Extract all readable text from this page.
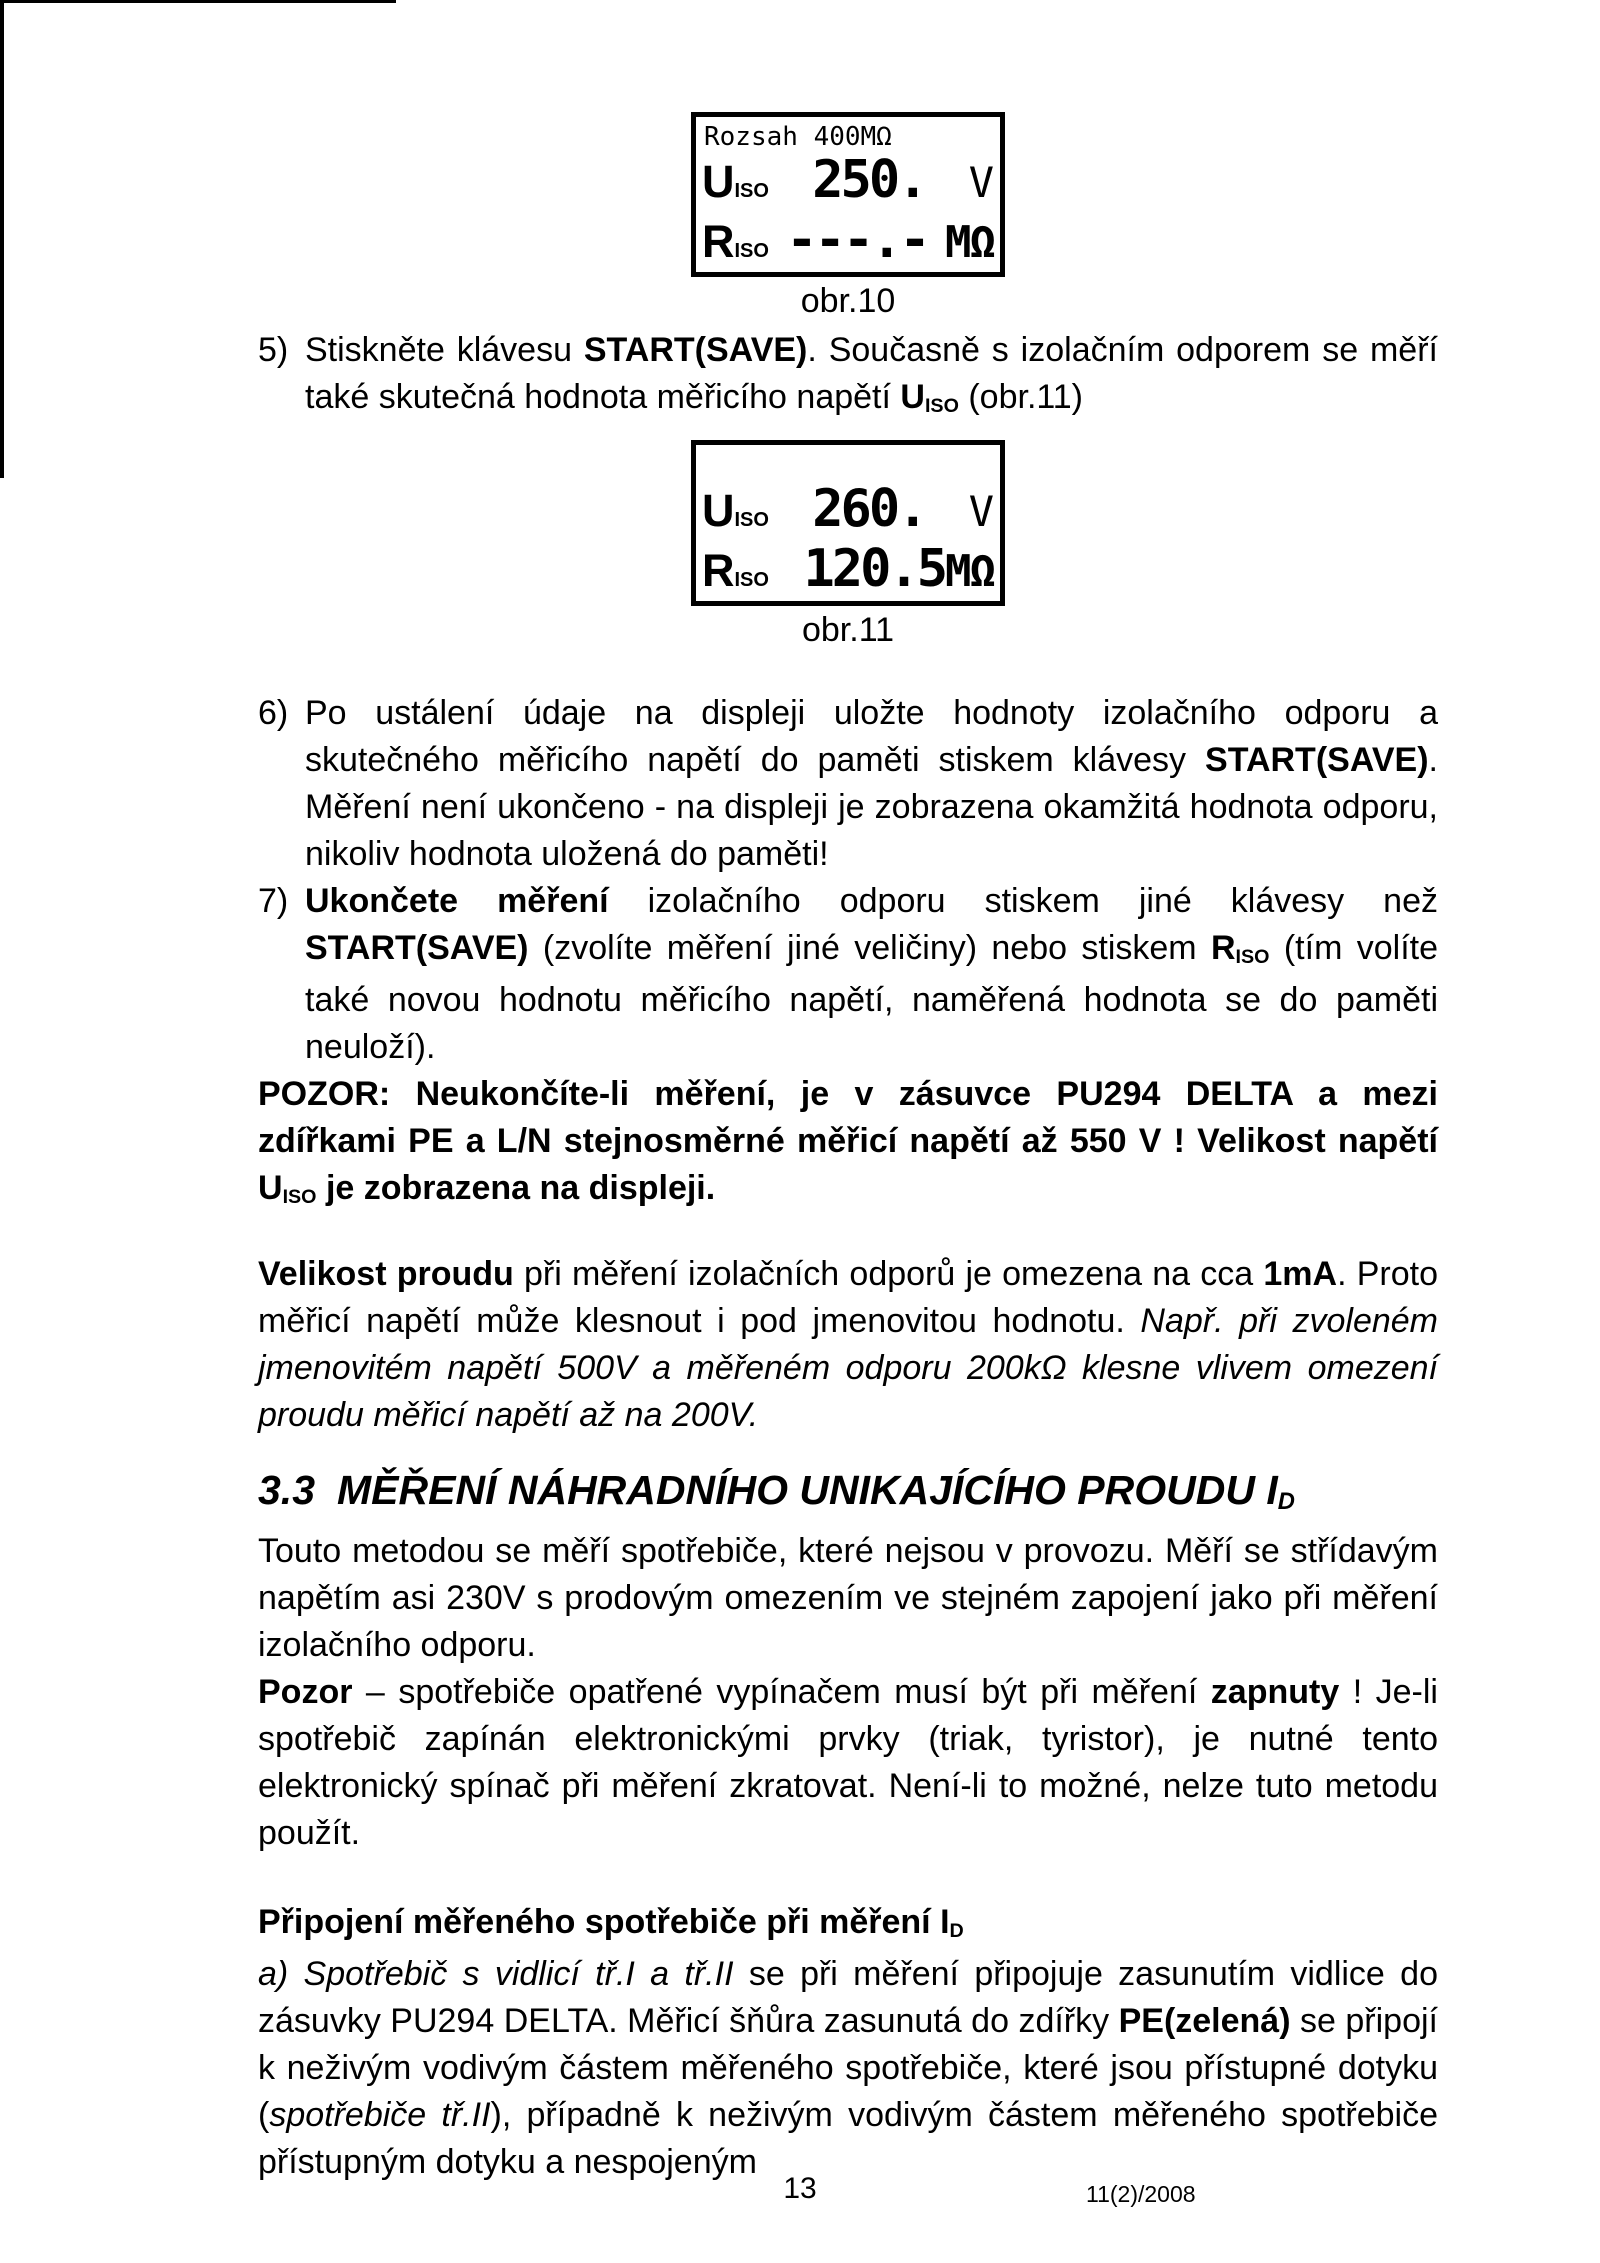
Rozsah 400MΩ
UISO 250. V
RISO ---.- MΩ
obr.10
5) Stiskněte klávesu START(SAVE). Současně s izolačním odporem se měří také skutečná hodnota měřicího napětí UISO (obr.11)

UISO 260. V
RISO 120.5 MΩ
obr.11
6) Po ustálení údaje na displeji uložte hodnoty izolačního odporu a skutečného měřicího napětí do paměti stiskem klávesy START(SAVE). Měření není ukončeno - na displeji je zobrazena okamžitá hodnota odporu, nikoliv hodnota uložená do paměti!

7) Ukončete měření izolačního odporu stiskem jiné klávesy než START(SAVE) (zvolíte měření jiné veličiny) nebo stiskem RISO (tím volíte také novou hodnotu měřicího napětí, naměřená hodnota se do paměti neuloží).

POZOR: Neukončíte-li měření, je v zásuvce PU294 DELTA a mezi zdířkami PE a L/N stejnosměrné měřicí napětí až 550 V ! Velikost napětí UISO je zobrazena na displeji.

Velikost proudu při měření izolačních odporů je omezena na cca 1mA. Proto měřicí napětí může klesnout i pod jmenovitou hodnotu. Např. při zvoleném jmenovitém napětí 500V a měřeném odporu 200kΩ klesne vlivem omezení proudu měřicí napětí až na 200V.

3.3 MĚŘENÍ NÁHRADNÍHO UNIKAJÍCÍHO PROUDU ID

Touto metodou se měří spotřebiče, které nejsou v provozu. Měří se střídavým napětím asi 230V s prodovým omezením ve stejném zapojení jako při měření izolačního odporu.

Pozor – spotřebiče opatřené vypínačem musí být při měření zapnuty ! Je-li spotřebič zapínán elektronickými prvky (triak, tyristor), je nutné tento elektronický spínač při měření zkratovat. Není-li to možné, nelze tuto metodu použít.

Připojení měřeného spotřebiče při měření ID

a) Spotřebič s vidlicí tř.I a tř.II se při měření připojuje zasunutím vidlice do zásuvky PU294 DELTA. Měřicí šňůra zasunutá do zdířky PE(zelená) se připojí k neživým vodivým částem měřeného spotřebiče, které jsou přístupné dotyku (spotřebiče tř.II), případně k neživým vodivým částem měřeného spotřebiče přístupným dotyku a nespojeným

13	11(2)/2008
